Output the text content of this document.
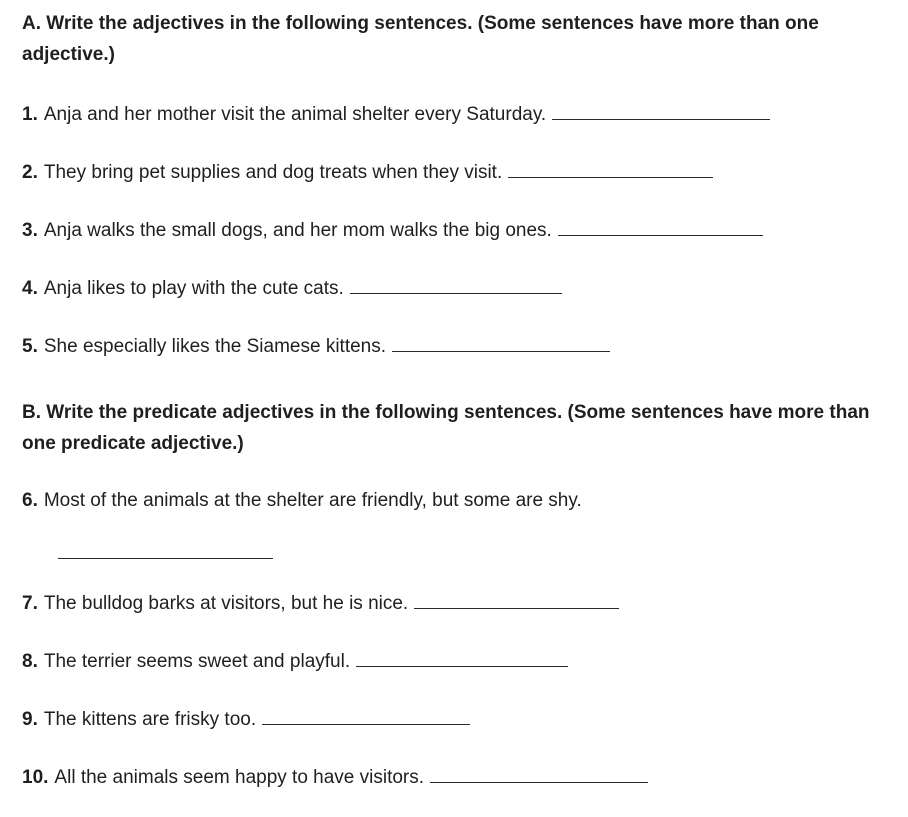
A. Write the adjectives in the following sentences. (Some sentences have more than one adjective.)

1. Anja and her mother visit the animal shelter every Saturday.
2. They bring pet supplies and dog treats when they visit.
3. Anja walks the small dogs, and her mom walks the big ones.
4. Anja likes to play with the cute cats.
5. She especially likes the Siamese kittens.

B. Write the predicate adjectives in the following sentences. (Some sentences have more than one predicate adjective.)

6. Most of the animals at the shelter are friendly, but some are shy.
7. The bulldog barks at visitors, but he is nice.
8. The terrier seems sweet and playful.
9. The kittens are frisky too.
10. All the animals seem happy to have visitors.
